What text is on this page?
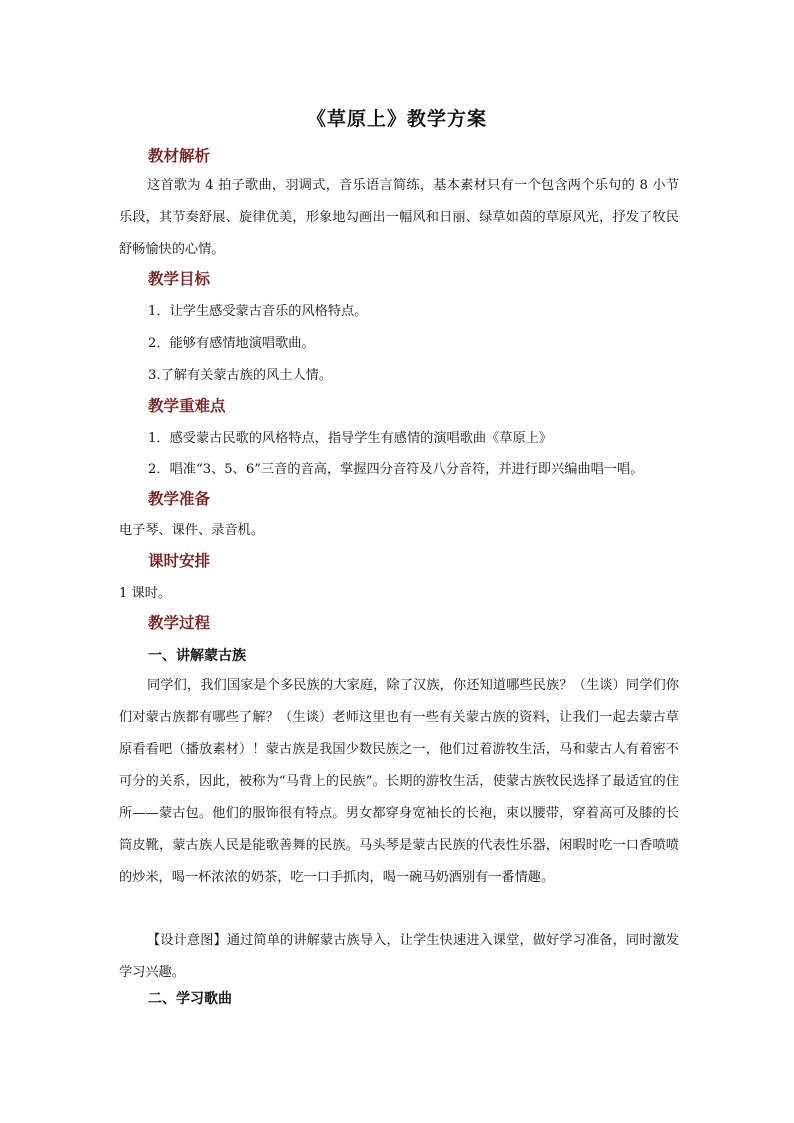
《草原上》教学方案
教材解析
这首歌为 4 拍子歌曲，羽调式，音乐语言简练，基本素材只有一个包含两个乐句的 8 小节乐段，其节奏舒展、旋律优美，形象地勾画出一幅风和日丽、绿草如茵的草原风光，抒发了牧民舒畅愉快的心情。
教学目标
1．让学生感受蒙古音乐的风格特点。
2．能够有感情地演唱歌曲。
3.了解有关蒙古族的风土人情。
教学重难点
1．感受蒙古民歌的风格特点，指导学生有感情的演唱歌曲《草原上》
2．唱准“3、5、6”三音的音高，掌握四分音符及八分音符，并进行即兴编曲唱一唱。
教学准备
电子琴、课件、录音机。
课时安排
1 课时。
教学过程
一、讲解蒙古族
同学们，我们国家是个多民族的大家庭，除了汉族，你还知道哪些民族？（生谈）同学们你们对蒙古族都有哪些了解？（生谈）老师这里也有一些有关蒙古族的资料，让我们一起去蒙古草原看看吧（播放素材）！蒙古族是我国少数民族之一，他们过着游牧生活，马和蒙古人有着密不可分的关系，因此，被称为“马背上的民族”。长期的游牧生活，使蒙古族牧民选择了最适宜的住所——蒙古包。他们的服饰很有特点。男女都穿身宽袖长的长袍，束以腰带，穿着高可及膝的长筒皮靴，蒙古族人民是能歌善舞的民族。马头琴是蒙古民族的代表性乐器，闲暇时吃一口香喷喷的炒米，喝一杯浓浓的奶茶，吃一口手抓肉，喝一碗马奶酒别有一番情趣。
【设计意图】通过简单的讲解蒙古族导入，让学生快速进入课堂，做好学习准备，同时激发学习兴趣。
二、学习歌曲
